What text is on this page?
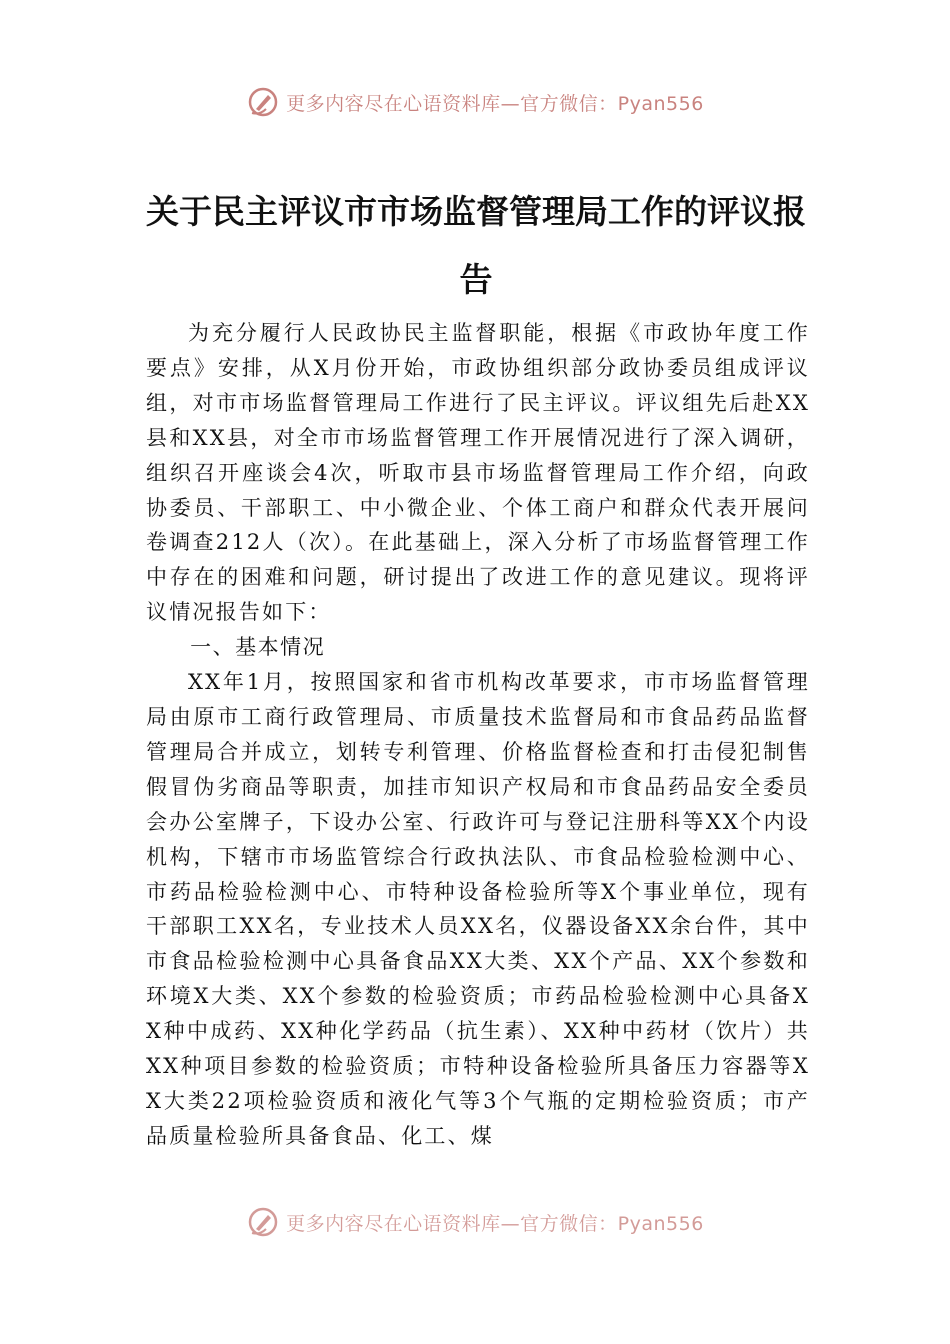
更多内容尽在心语资料库—官方微信：Pyan556
关于民主评议市市场监督管理局工作的评议报告

为充分履行人民政协民主监督职能，根据《市政协年度工作要点》安排，从X月份开始，市政协组织部分政协委员组成评议组，对市市场监督管理局工作进行了民主评议。评议组先后赴XX县和XX县，对全市市场监督管理工作开展情况进行了深入调研，组织召开座谈会4次，听取市县市场监督管理局工作介绍，向政协委员、干部职工、中小微企业、个体工商户和群众代表开展问卷调查212人（次）。在此基础上，深入分析了市场监督管理工作中存在的困难和问题，研讨提出了改进工作的意见建议。现将评议情况报告如下：

一、基本情况

XX年1月，按照国家和省市机构改革要求，市市场监督管理局由原市工商行政管理局、市质量技术监督局和市食品药品监督管理局合并成立，划转专利管理、价格监督检查和打击侵犯制售假冒伪劣商品等职责，加挂市知识产权局和市食品药品安全委员会办公室牌子，下设办公室、行政许可与登记注册科等XX个内设机构，下辖市市场监管综合行政执法队、市食品检验检测中心、市药品检验检测中心、市特种设备检验所等X个事业单位，现有干部职工XX名，专业技术人员XX名，仪器设备XX余台件，其中市食品检验检测中心具备食品XX大类、XX个产品、XX个参数和环境X大类、XX个参数的检验资质；市药品检验检测中心具备XX种中成药、XX种化学药品（抗生素）、XX种中药材（饮片）共XX种项目参数的检验资质；市特种设备检验所具备压力容器等XX大类22项检验资质和液化气等3个气瓶的定期检验资质；市产品质量检验所具备食品、化工、煤

更多内容尽在心语资料库—官方微信：Pyan556
